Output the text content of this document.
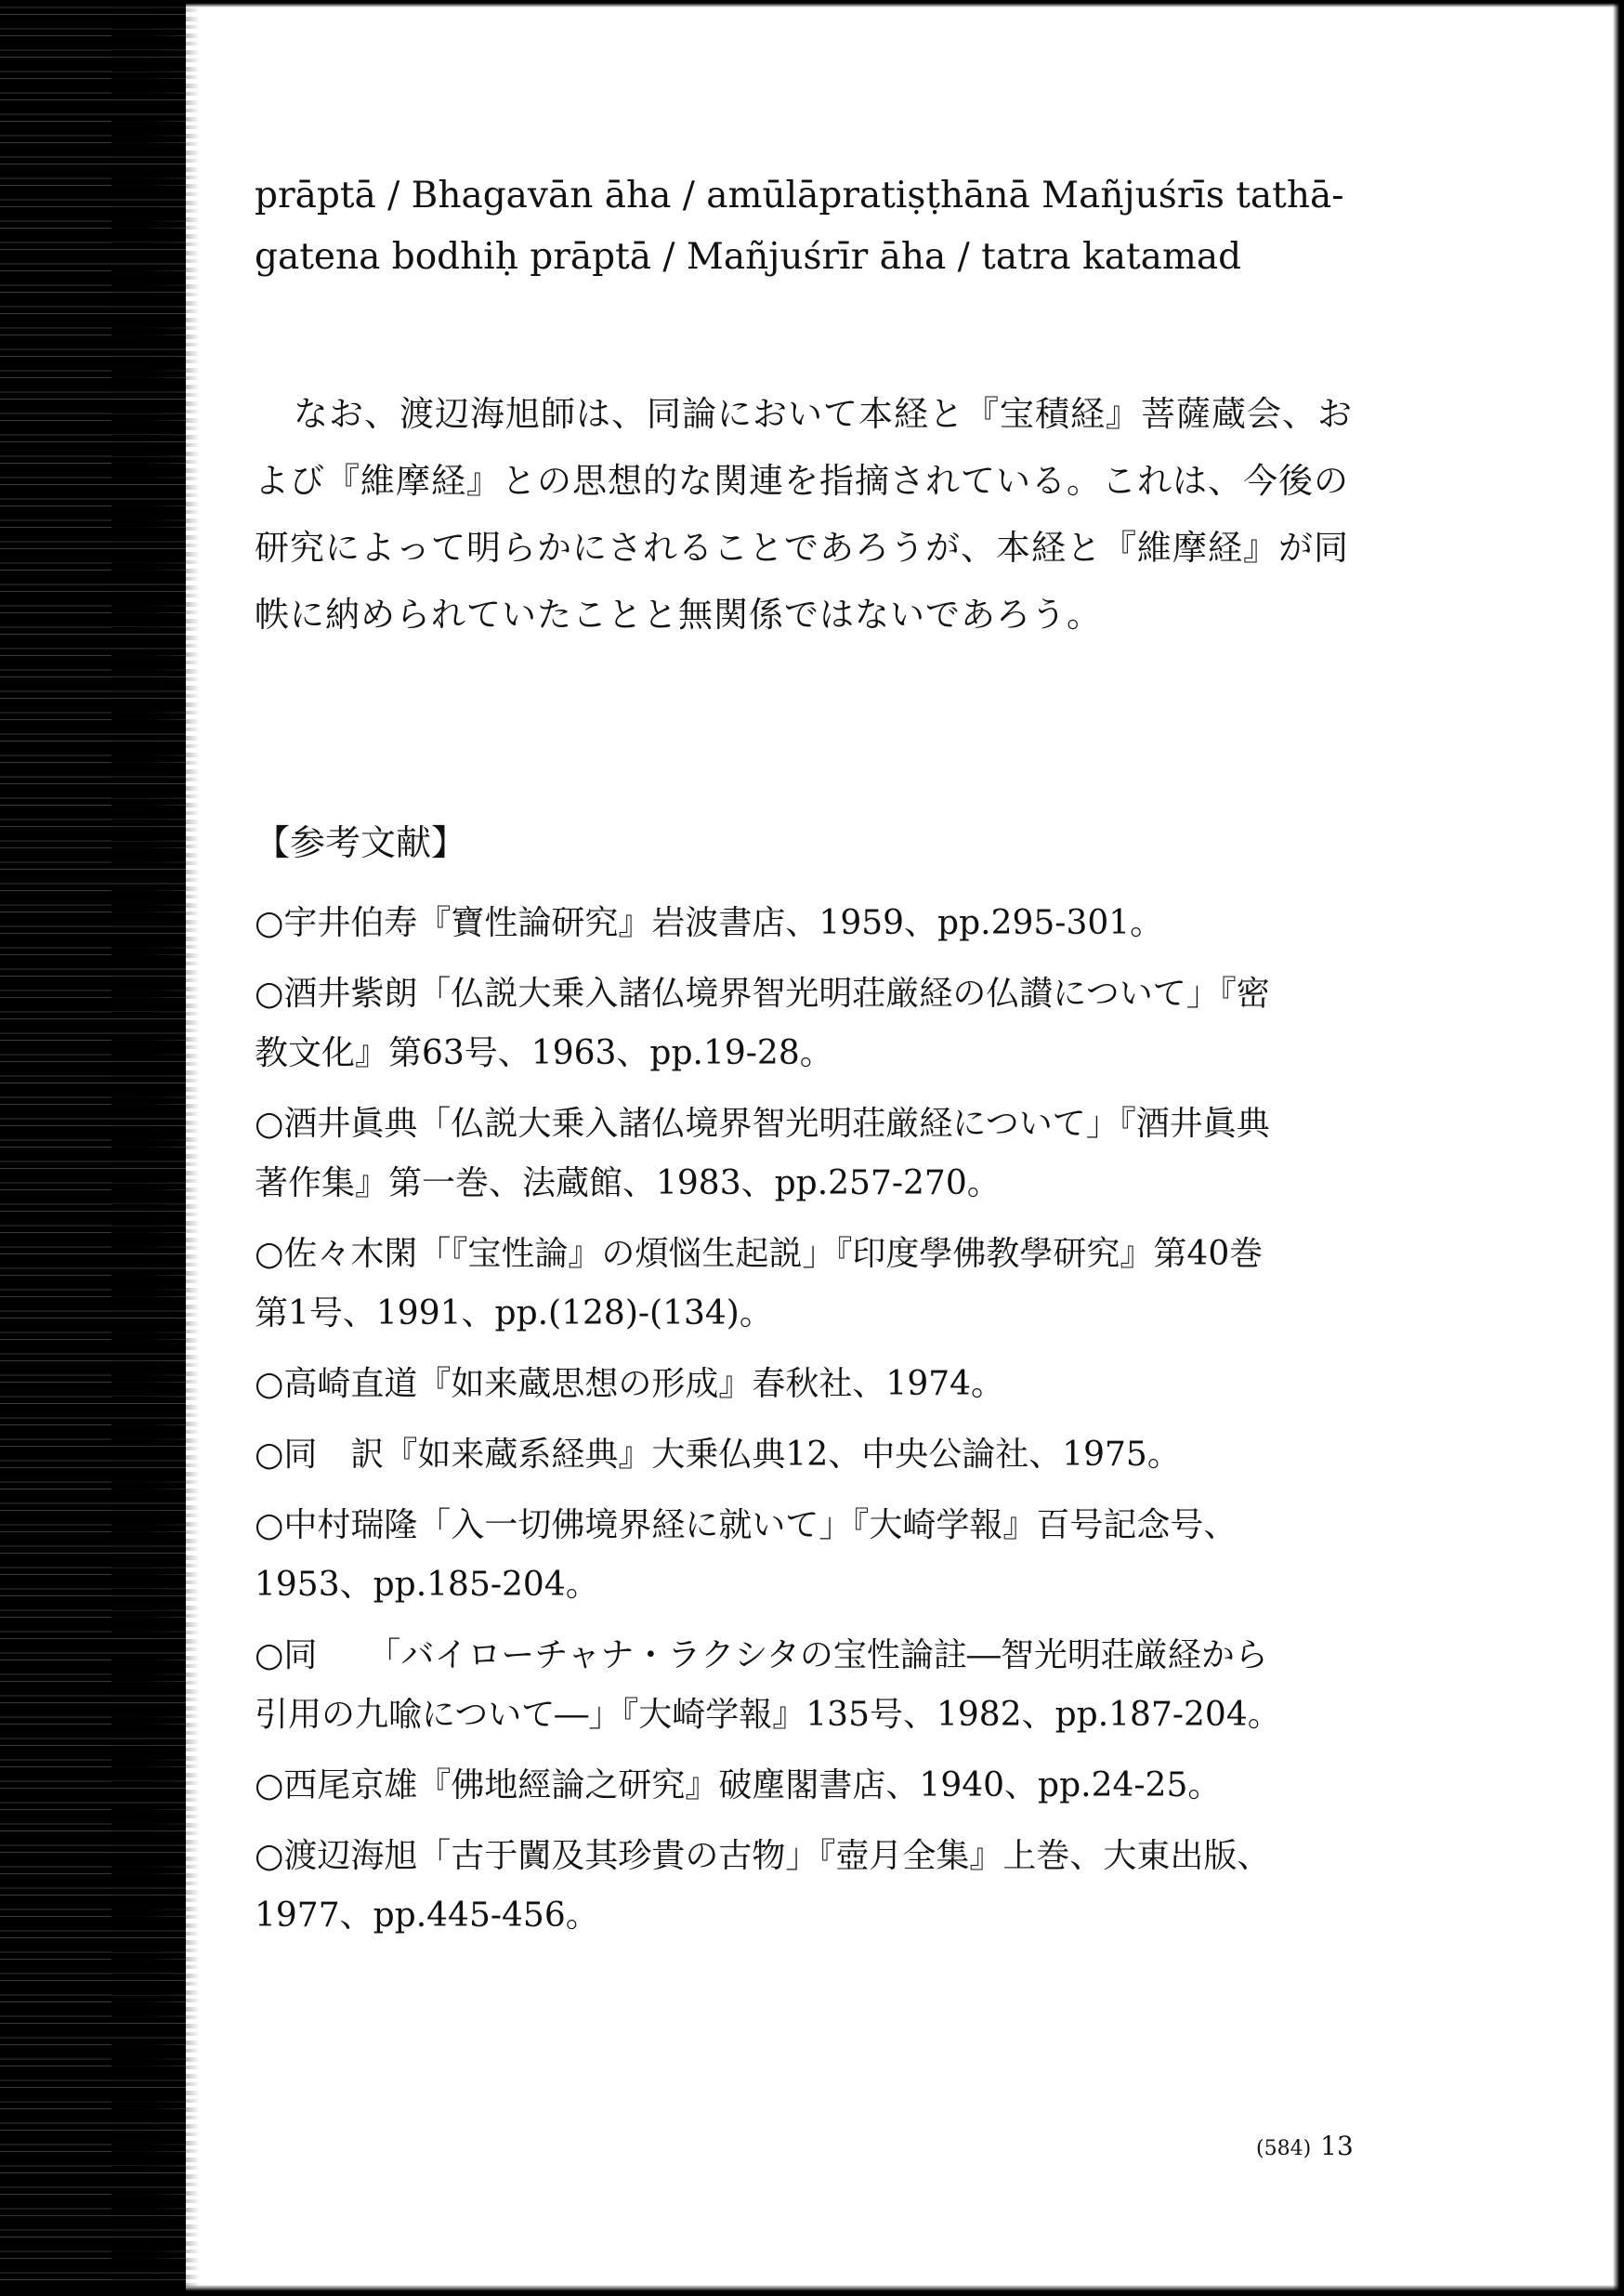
prāptā / Bhagavān āha / amūlāpratiṣṭhānā Mañjuśrīs tathā-
gatena bodhiḥ prāptā / Mañjuśrīr āha / tatra katamad
なお、渡辺海旭師は、同論において本経と『宝積経』菩薩蔵会、お
よび『維摩経』との思想的な関連を指摘されている。これは、今後の
研究によって明らかにされることであろうが、本経と『維摩経』が同
帙に納められていたことと無関係ではないであろう。
【参考文献】
○宇井伯寿『寶性論研究』岩波書店、1959、pp.295-301。
○酒井紫朗「仏説大乗入諸仏境界智光明荘厳経の仏讃について」『密
教文化』第63号、1963、pp.19-28。
○酒井眞典「仏説大乗入諸仏境界智光明荘厳経について」『酒井眞典
著作集』第一巻、法蔵館、1983、pp.257-270。
○佐々木閑「『宝性論』の煩悩生起説」『印度學佛教學研究』第40巻
第1号、1991、pp.(128)-(134)。
○高崎直道『如来蔵思想の形成』春秋社、1974。
○同　訳『如来蔵系経典』大乗仏典12、中央公論社、1975。
○中村瑞隆「入一切佛境界経に就いて」『大崎学報』百号記念号、
1953、pp.185-204。
○同　　「バイローチャナ・ラクシタの宝性論註―智光明荘厳経から
引用の九喩について―」『大崎学報』135号、1982、pp.187-204。
○西尾京雄『佛地經論之研究』破塵閣書店、1940、pp.24-25。
○渡辺海旭「古于闐及其珍貴の古物」『壺月全集』上巻、大東出版、
1977、pp.445-456。
(584) 13
